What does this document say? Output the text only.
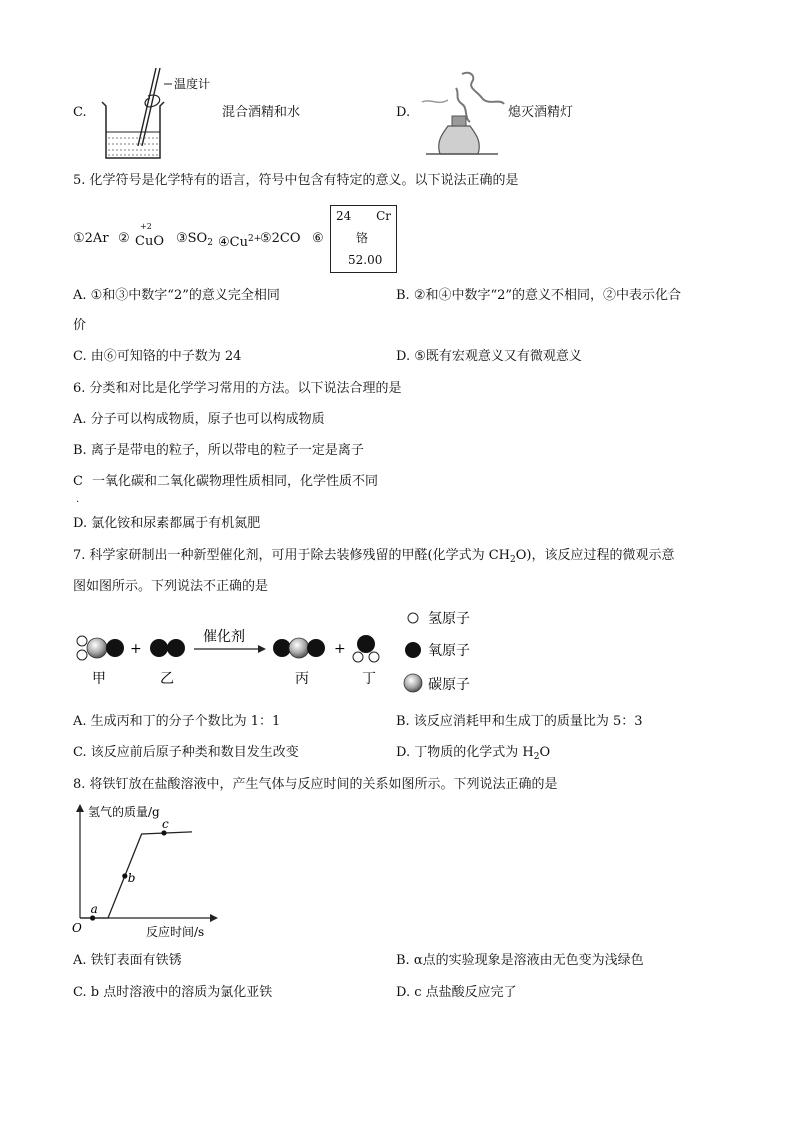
C.
温度计
混合酒精和水	D.	熄灭酒精灯
5. 化学符号是化学特有的语言，符号中包含有特定的意义。以下说法正确的是
①2Ar ②
+2
CuO $③SO_2$ $④Cu^{2+}$
⑤2CO ⑥
24 Cr
铬
52.00
A. ①和③中数字“2”的意义完全相同	B. ②和④中数字“2”的意义不相同，②中表示化合
价
C. 由⑥可知铬的中子数为 24	D. ⑤既有宏观意义又有微观意义
6. 分类和对比是化学学习常用的方法。以下说法合理的是
A. 分子可以构成物质，原子也可以构成物质
B. 离子是带电的粒子，所以带电的粒子一定是离子
C 一氧化碳和二氧化碳物理性质相同，化学性质不同
.
D. 氯化铵和尿素都属于有机氮肥
7. 科学家研制出一种新型催化剂，可用于除去装修残留的甲醛(化学式为 $CH_2O$)，该反应过程的微观示意
图如图所示。下列说法不正确的是
+
催化剂
+
氢原子
氧原子
碳原子
甲	乙	丙	丁
A. 生成丙和丁的分子个数比为 1：1	B. 该反应消耗甲和生成丁的质量比为 5：3
C. 该反应前后原子种类和数目发生改变	D. 丁物质的化学式为 $H_2O$
8. 将铁钉放在盐酸溶液中，产生气体与反应时间的关系如图所示。下列说法正确的是
氢气的质量/g
反应时间/s
O
a
b
c
A. 铁钉表面有铁锈	B. α点的实验现象是溶液由无色变为浅绿色
C. b 点时溶液中的溶质为氯化亚铁	D. c 点盐酸反应完了
